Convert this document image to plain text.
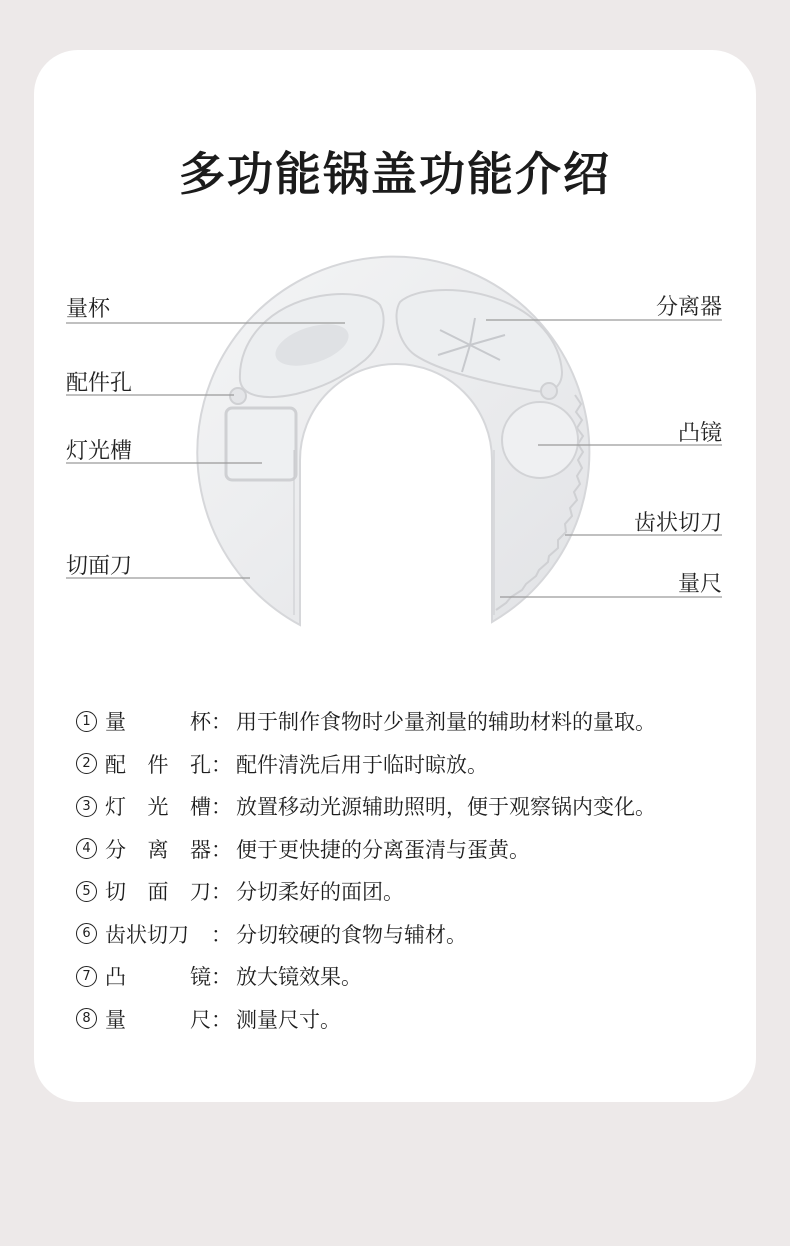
多功能锅盖功能介绍
量杯
配件孔
灯光槽
切面刀
分离器
凸镜
齿状切刀
量尺
1 量	杯 ： 用于制作食物时少量剂量的辅助材料的量取。
2 配 件 孔 ： 配件清洗后用于临时晾放。
3 灯 光 槽 ： 放置移动光源辅助照明，便于观察锅内变化。
4 分 离 器 ： 便于更快捷的分离蛋清与蛋黄。
5 切 面 刀 ： 分切柔好的面团。
6 齿状切刀 ： 分切较硬的食物与辅材。
7 凸	镜 ： 放大镜效果。
8 量	尺 ： 测量尺寸。
